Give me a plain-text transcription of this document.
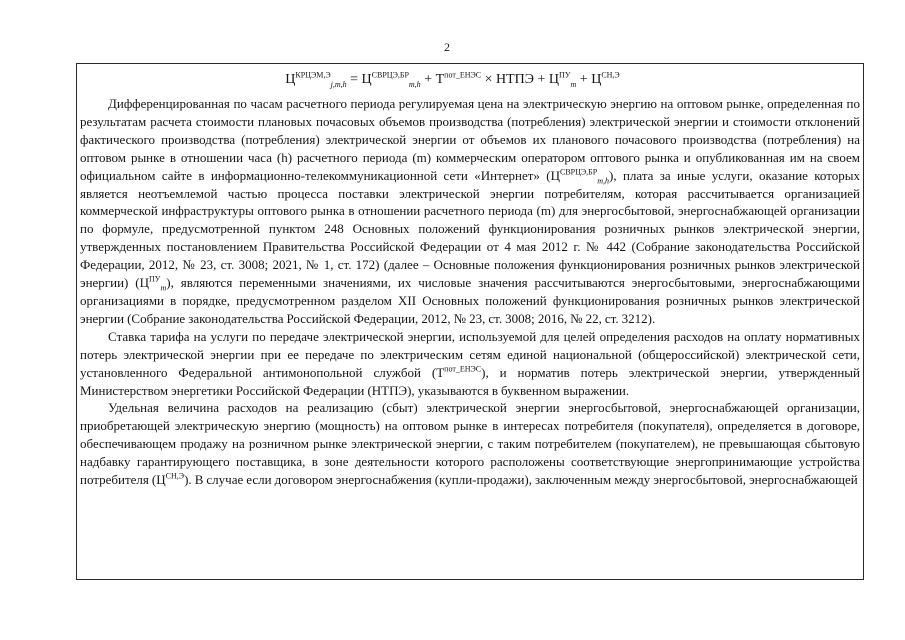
2
$Ц^{КРЦЭМ,Э}_{j,m,h} = Ц^{СВРЦЭ,БР}_{m,h} + Т^{пот\_ЕНЭС}$ × НТПЭ + $Ц^{ПУ}_m + Ц^{СН,Э}$

Дифференцированная по часам расчетного периода регулируемая цена на электрическую энергию на оптовом рынке, определенная по результатам расчета стоимости плановых почасовых объемов производства (потребления) электрической энергии и стоимости отклонений фактического производства (потребления) электрической энергии от объемов их планового почасового производства (потребления) на оптовом рынке в отношении часа (h) расчетного периода (m) коммерческим оператором оптового рынка и опубликованная им на своем официальном сайте в информационно-телекоммуникационной сети «Интернет» $(Ц^{СВРЦЭ,БР}_{m,h})$, плата за иные услуги, оказание которых является неотъемлемой частью процесса поставки электрической энергии потребителям, которая рассчитывается организацией коммерческой инфраструктуры оптового рынка в отношении расчетного периода (m) для энергосбытовой, энергоснабжающей организации по формуле, предусмотренной пунктом 248 Основных положений функционирования розничных рынков электрической энергии, утвержденных постановлением Правительства Российской Федерации от 4 мая 2012 г. № 442 (Собрание законодательства Российской Федерации, 2012, № 23, ст. 3008; 2021, № 1, ст. 172) (далее – Основные положения функционирования розничных рынков электрической энергии) $(Ц^{ПУ}_m)$, являются переменными значениями, их числовые значения рассчитываются энергосбытовыми, энергоснабжающими организациями в порядке, предусмотренном разделом XII Основных положений функционирования розничных рынков электрической энергии (Собрание законодательства Российской Федерации, 2012, № 23, ст. 3008; 2016, № 22, ст. 3212).

Ставка тарифа на услуги по передаче электрической энергии, используемой для целей определения расходов на оплату нормативных потерь электрической энергии при ее передаче по электрическим сетям единой национальной (общероссийской) электрической сети, установленного Федеральной антимонопольной службой $(Т^{пот\_ЕНЭС})$, и норматив потерь электрической энергии, утвержденный Министерством энергетики Российской Федерации (НТПЭ), указываются в буквенном выражении.

Удельная величина расходов на реализацию (сбыт) электрической энергии энергосбытовой, энергоснабжающей организации, приобретающей электрическую энергию (мощность) на оптовом рынке в интересах потребителя (покупателя), определяется в договоре, обеспечивающем продажу на розничном рынке электрической энергии, с таким потребителем (покупателем), не превышающая сбытовую надбавку гарантирующего поставщика, в зоне деятельности которого расположены соответствующие энергопринимающие устройства потребителя $(Ц^{СН,Э})$. В случае если договором энергоснабжения (купли-продажи), заключенным между энергосбытовой, энергоснабжающей
